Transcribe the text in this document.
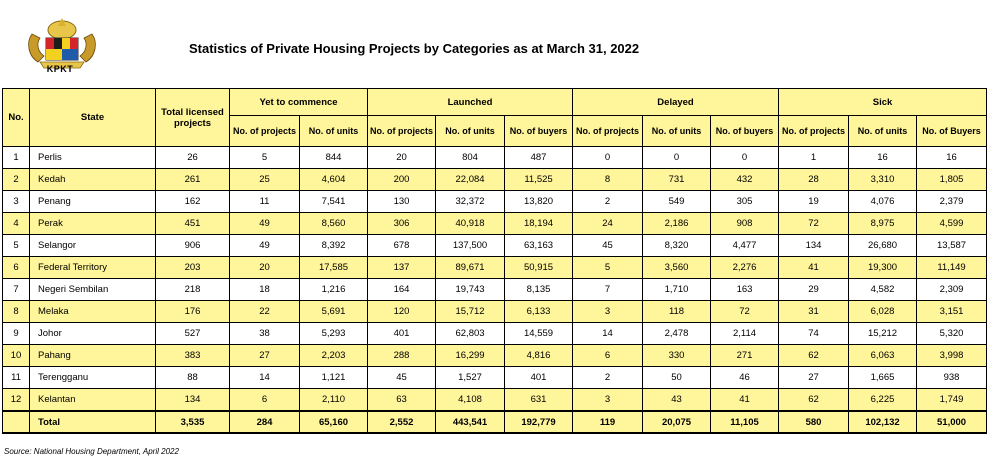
KPKT
Statistics of Private Housing Projects by Categories as at March 31, 2022
No.	State	Total licensed projects	Yet to commence		Launched			Delayed			Sick		
			No. of projects	No. of units	No. of projects	No. of units	No. of buyers	No. of projects	No. of units	No. of buyers	No. of projects	No. of units	No. of Buyers
1	Perlis	26	5	844	20	804	487	0	0	0	1	16	16
2	Kedah	261	25	4,604	200	22,084	11,525	8	731	432	28	3,310	1,805
3	Penang	162	11	7,541	130	32,372	13,820	2	549	305	19	4,076	2,379
4	Perak	451	49	8,560	306	40,918	18,194	24	2,186	908	72	8,975	4,599
5	Selangor	906	49	8,392	678	137,500	63,163	45	8,320	4,477	134	26,680	13,587
6	Federal Territory	203	20	17,585	137	89,671	50,915	5	3,560	2,276	41	19,300	11,149
7	Negeri Sembilan	218	18	1,216	164	19,743	8,135	7	1,710	163	29	4,582	2,309
8	Melaka	176	22	5,691	120	15,712	6,133	3	118	72	31	6,028	3,151
9	Johor	527	38	5,293	401	62,803	14,559	14	2,478	2,114	74	15,212	5,320
10	Pahang	383	27	2,203	288	16,299	4,816	6	330	271	62	6,063	3,998
11	Terengganu	88	14	1,121	45	1,527	401	2	50	46	27	1,665	938
12	Kelantan	134	6	2,110	63	4,108	631	3	43	41	62	6,225	1,749
	Total	3,535	284	65,160	2,552	443,541	192,779	119	20,075	11,105	580	102,132	51,000
Source: National Housing Department, April 2022
